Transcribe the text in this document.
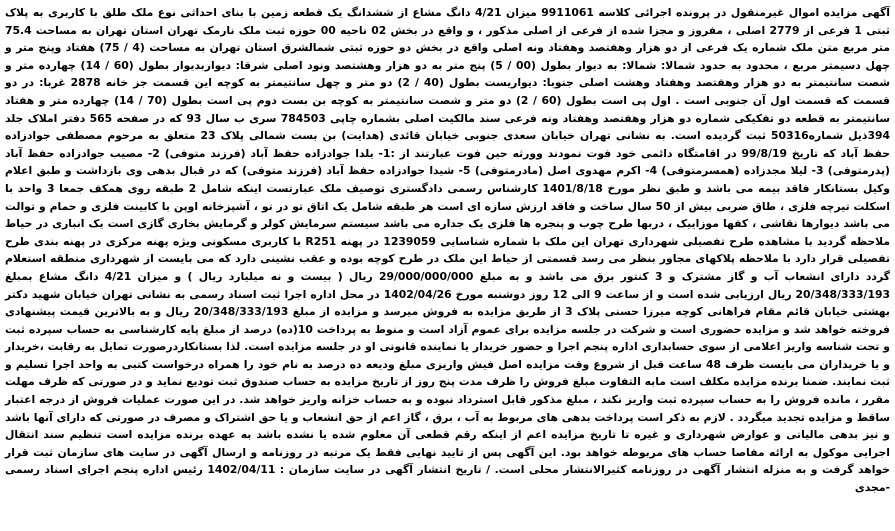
آگهی مزایده اموال غیرمنقول در پرونده اجرائی کلاسه 9911061 میزان 4/21 دانگ مشاع از ششدانگ یک قطعه زمین با بنای احداثی نوع ملک طلق با کاربری به پلاک ثبتی 1 فرعی از 2779 اصلی ، مفروز و مجزا شده از فرعی از اصلی مذکور ، و واقع در بخش 02 ناحیه 00 حوزه ثبت ملک نارمک تهران استان تهران به مساحت 75.4 متر مربع متن ملک شماره یک فرعی از دو هزار وهفتصد وهفتاد ونه اصلی واقع در بخش دو حوزه ثبتی شمالشرق استان تهران به مساحت (4 / 75) هفتاد وپنج متر و چهل دسیمتر مربع ، محدود به حدود شمالا: شمالا: به دیوار بطول (00 / 5) پنج متر به دو هزار وهشتصد ونود اصلی شرقا: دیواربدیوار بطول (60 / 14) چهارده متر و شصت سانتیمتر به دو هزار وهفتصد وهفتاد وهشت اصلی جنوبا: دیواریست بطول (40 / 2) دو متر و چهل سانتیمتر به کوچه این قسمت جز خانه 2878 غربا: در دو قسمت که قسمت اول آن جنوبی است . اول پی است بطول (60 / 2) دو متر و شصت سانتیمتر به کوچه بن بست دوم پی است بطول (70 / 14) چهارده متر و هفتاد سانتیمتر به قطعه دو تفکیکی شماره دو هزار وهفتصد وهفتاد ونه فرعی سند مالکیت اصلی بشماره چاپی 784503 سری ب سال 93 که در صفحه 565 دفتر املاک جلد 394ذیل شماره50316 ثبت گردیده است. به نشانی تهران خیابان سعدی جنوبی خیابان قائدی (هدایت) بن بست شمالی پلاک 23 متعلق به مرحوم مصطفی جوادزاده حفظ آباد که تاریخ 99/8/19 در اقامتگاه دائمی خود فوت نمودند وورثه حین فوت عبارتند از :1- یلدا جوادزاده حفظ آباد (فرزند متوفی) 2- مصیب جوادزاده حفظ آباد (پدرمتوفی) 3- لیلا مجدزاده (همسرمتوفی) 4- اکرم مهدوی اصل (مادرمتوفی) 5- شیدا جوادزاده حفظ آباد (فرزند متوفی) که در قبال بدهی وی بازداشت و طبق اعلام وکیل بستانکار فاقد بیمه می باشد و طبق نظر مورخ 1401/8/18 کارشناس رسمی دادگستری توصیف ملک عبارتست اینکه شامل 2 طبقه روی همکف جمعا 3 واحد با اسکلت تیرچه فلزی ، طاق ضربی بیش از 50 سال ساخت و فاقد ارزش سازه ای است هر طبقه شامل یک اتاق تو در تو ، آشپزخانه اوپن با کابینت فلزی و حمام و توالت می باشد دیوارها نقاشی ، کفها موزاییک ، دربها طرح چوب و پنجره ها فلزی یک جداره می باشد سیستم سرمایش کولر و گرمایش بخاری گازی است یک انباری در حیاط ملاحظه گردید با مشاهده طرح تفصیلی شهرداری تهران این ملک با شماره شناسایی 1239059 در پهنه R251 با کاربری مسکونی ویژه پهنه مرکزی در پهنه بندی طرح تفصیلی قرار دارد با ملاحظه پلاکهای مجاور بنظر می رسد قسمتی از حیاط این ملک در طرح کوچه بوده و عقب نشینی دارد که می بایست از شهرداری منطقه استعلام گردد دارای انشعاب آب و گاز مشترک و 3 کنتور برق می باشد و به مبلغ 29/000/000/000 ریال ( بیست و نه میلیارد ریال ) و میزان 4/21 دانگ مشاع بمبلغ 20/348/333/193 ریال ارزیابی شده است و از ساعت 9 الی 12 روز دوشنبه مورخ 1402/04/26 در محل اداره اجرا ثبت اسناد رسمی به نشانی تهران خیابان شهید دکتر بهشتی خیابان قائم مقام فراهانی کوچه میرزا حسنی پلاک 3 از طریق مزایده به فروش میرسد و مزایده از مبلغ 20/348/333/193 ریال و به بالاترین قیمت پیشنهادی فروخته خواهد شد و مزایده حضوری است و شرکت در جلسه مزایده برای عموم آزاد است و منوط به پرداخت 10(ده) درصد از مبلغ پایه کارشناسی به حساب سپرده ثبت و تحت شناسه واریز اعلامی از سوی حسابداری اداره پنجم اجرا و حضور خریدار یا نماینده قانونی او در جلسه مزایده است. لذا بستانکاردرصورت تمایل به رقابت ،خریدار و یا خریداران می بایست ظرف 48 ساعت قبل از شروع وقت مزایده اصل فیش واریزی مبلغ ودیعه ده درصد به نام خود را همراه درخواست کتبی به واحد اجرا تسلیم و ثبت نمایند. ضمنا برنده مزایده مکلف است مابه التفاوت مبلغ فروش را ظرف مدت پنج روز از تاریخ مزایده به حساب صندوق ثبت تودیع نماید و در صورتی که ظرف مهلت مقرر ، مانده فروش را به حساب سپرده ثبت واریز نکند ، مبلغ مذکور قابل استرداد نبوده و به حساب خزانه واریز خواهد شد. در این صورت عملیات فروش از درجه اعتبار ساقط و مزایده تجدید میگردد . لازم به ذکر است پرداخت بدهی های مربوط به آب ، برق ، گاز اعم از حق انشعاب و یا حق اشتراک و مصرف در صورتی که دارای آنها باشد و نیز بدهی مالیاتی و عوارض شهرداری و غیره تا تاریخ مزایده اعم از اینکه رقم قطعی آن معلوم شده یا نشده باشد به عهده برنده مزایده است تنظیم سند انتقال اجرایی موکول به ارائه مفاصا حساب های مربوطه خواهد بود. این آگهی پس از تایید نهایی فقط یک مرتبه در روزنامه و ارسال آگهی در سایت های سازمان ثبت قرار خواهد گرفت و به منزله انتشار آگهی در روزنامه کثیرالانتشار محلی است. / تاریخ انتشار آگهی در سایت سازمان : 1402/04/11 رئیس اداره پنجم اجرای اسناد رسمی -مجدی
